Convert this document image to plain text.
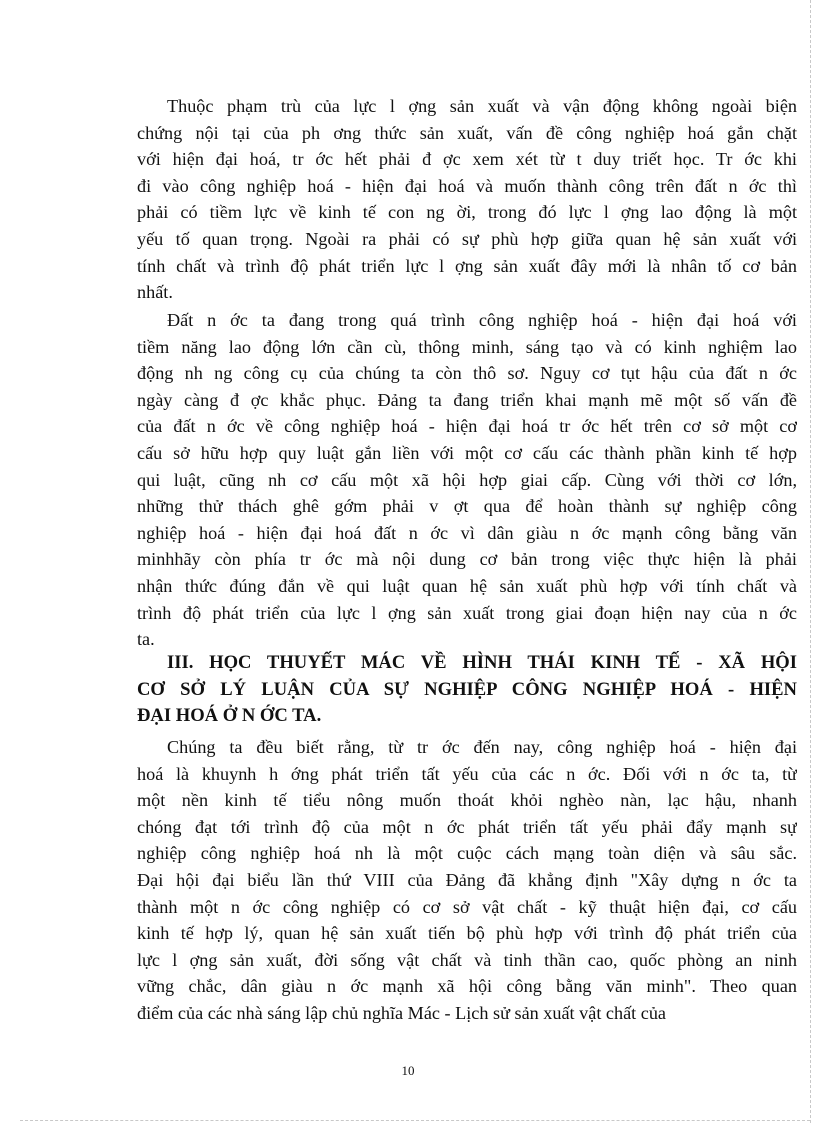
Thuộc phạm trù của lực l ợng sản xuất và vận động không ngoài biện
chứng nội tại của ph ơng thức sản xuất, vấn đề công nghiệp hoá gắn chặt
với hiện đại hoá, tr ớc hết phải đ ợc xem xét từ t duy triết học. Tr ớc khi
đi vào công nghiệp hoá - hiện đại hoá và muốn thành công trên đất n ớc thì
phải có tiềm lực về kinh tế con ng ời, trong đó lực l ợng lao động là một
yếu tố quan trọng. Ngoài ra phải có sự phù hợp giữa quan hệ sản xuất với
tính chất và trình độ phát triển lực l ợng sản xuất đây mới là nhân tố cơ bản
nhất.
Đất n ớc ta đang trong quá trình công nghiệp hoá - hiện đại hoá với
tiềm năng lao động lớn cần cù, thông minh, sáng tạo và có kinh nghiệm lao
động nh ng công cụ của chúng ta còn thô sơ. Nguy cơ tụt hậu của đất n ớc
ngày càng đ ợc khắc phục. Đảng ta đang triển khai mạnh mẽ một số vấn đề
của đất n ớc về công nghiệp hoá - hiện đại hoá tr ớc hết trên cơ sở một cơ
cấu sở hữu hợp quy luật gắn liền với một cơ cấu các thành phần kinh tế hợp
qui luật, cũng nh cơ cấu một xã hội hợp giai cấp. Cùng với thời cơ lớn,
những thử thách ghê gớm phải v ợt qua để hoàn thành sự nghiệp công
nghiệp hoá - hiện đại hoá đất n ớc vì dân giàu n ớc mạnh công bằng văn
minhhãy còn phía tr ớc mà nội dung cơ bản trong việc thực hiện là phải
nhận thức đúng đắn về qui luật quan hệ sản xuất phù hợp với tính chất và
trình độ phát triển của lực l ợng sản xuất trong giai đoạn hiện nay của n ớc
ta.
III. HỌC THUYẾT MÁC VỀ HÌNH THÁI KINH TẾ - XÃ HỘI
CƠ SỞ LÝ LUẬN CỦA SỰ NGHIỆP CÔNG NGHIỆP HOÁ - HIỆN
ĐẠI HOÁ Ở N ỚC TA.
Chúng ta đều biết rằng, từ tr ớc đến nay, công nghiệp hoá - hiện đại
hoá là khuynh h ớng phát triển tất yếu của các n ớc. Đối với n ớc ta, từ
một nền kinh tế tiểu nông muốn thoát khỏi nghèo nàn, lạc hậu, nhanh
chóng đạt tới trình độ của một n ớc phát triển tất yếu phải đẩy mạnh sự
nghiệp công nghiệp hoá nh là một cuộc cách mạng toàn diện và sâu sắc.
Đại hội đại biểu lần thứ VIII của Đảng đã khẳng định "Xây dựng n ớc ta
thành một n ớc công nghiệp có cơ sở vật chất - kỹ thuật hiện đại, cơ cấu
kinh tế hợp lý, quan hệ sản xuất tiến bộ phù hợp với trình độ phát triển của
lực l ợng sản xuất, đời sống vật chất và tinh thần cao, quốc phòng an ninh
vững chắc, dân giàu n ớc mạnh xã hội công bằng văn minh". Theo quan
điểm của các nhà sáng lập chủ nghĩa Mác - Lịch sử sản xuất vật chất của
10
